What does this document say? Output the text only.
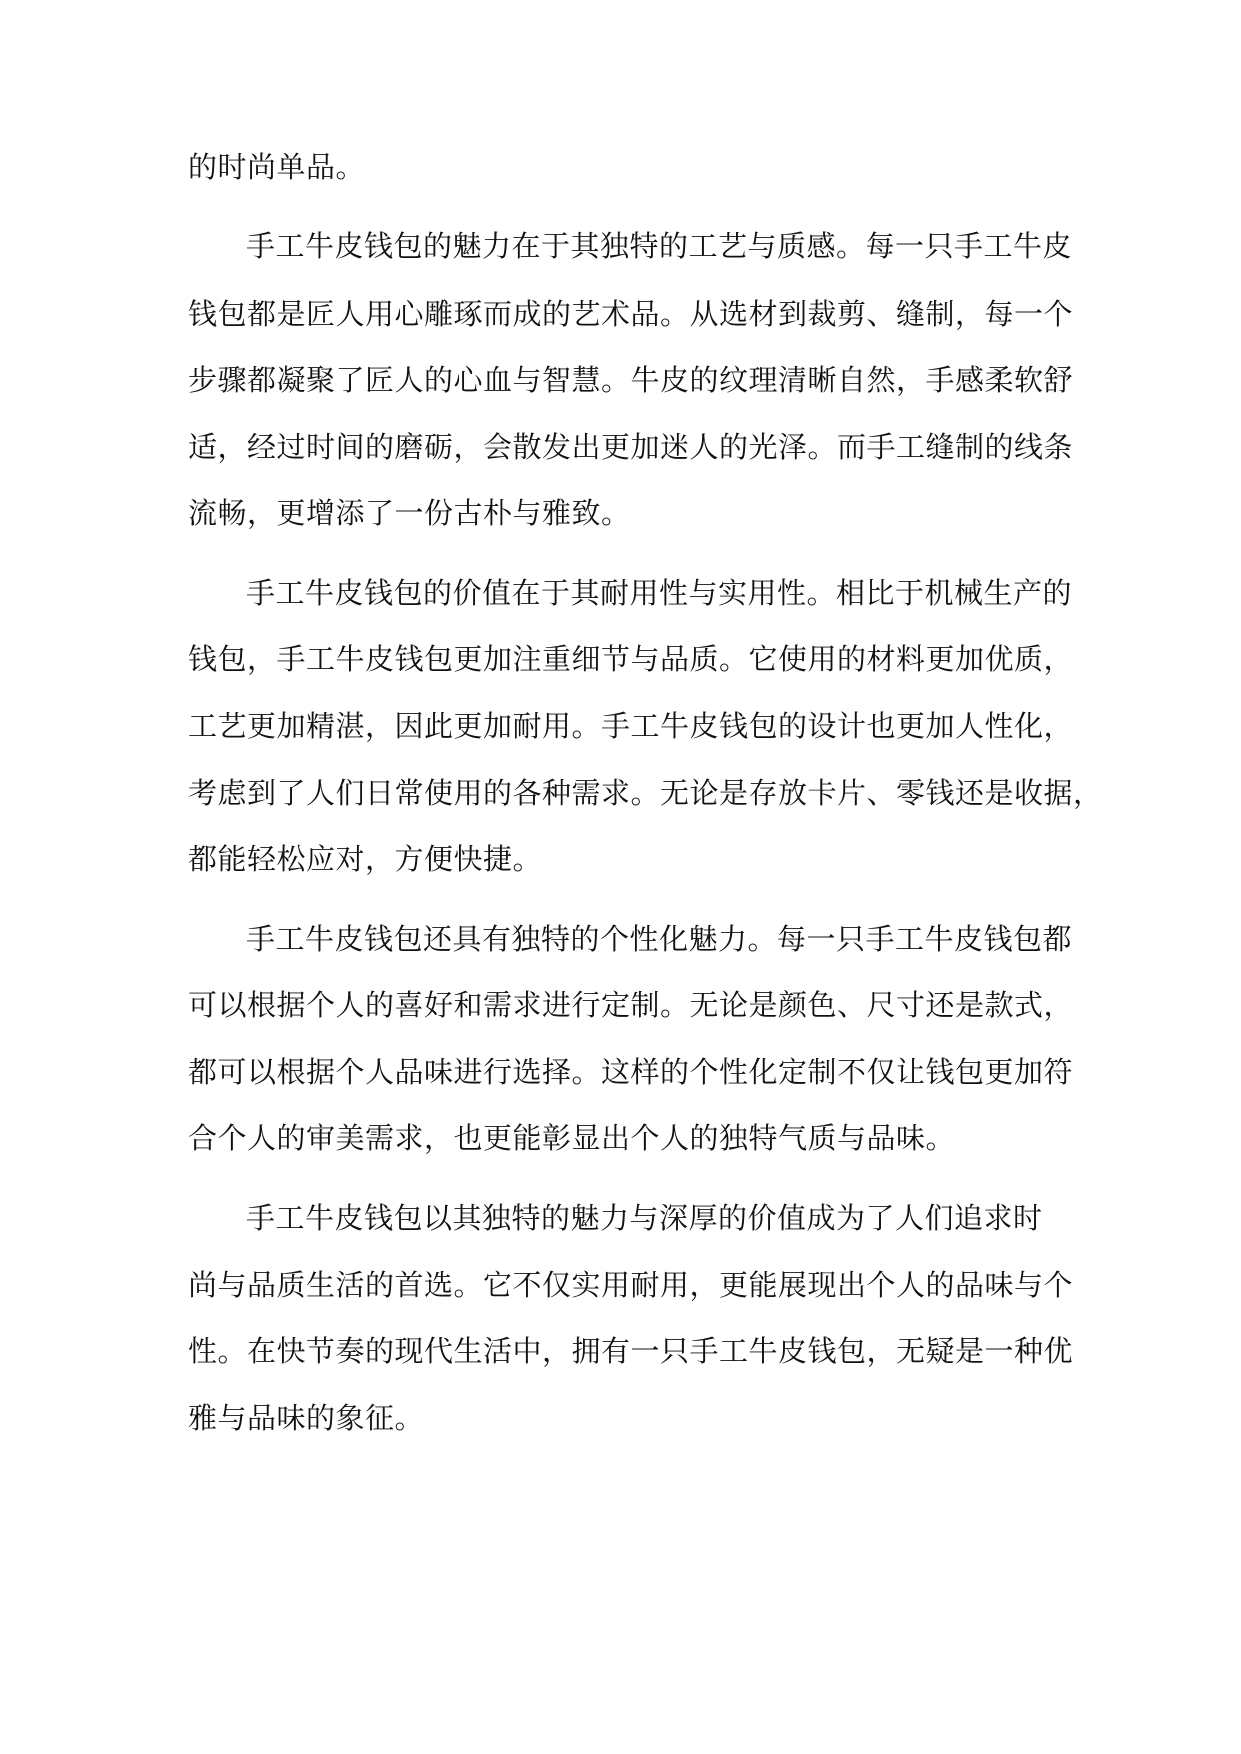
的时尚单品。
手工牛皮钱包的魅力在于其独特的工艺与质感。每一只手工牛皮
钱包都是匠人用心雕琢而成的艺术品。从选材到裁剪、缝制，每一个
步骤都凝聚了匠人的心血与智慧。牛皮的纹理清晰自然，手感柔软舒
适，经过时间的磨砺，会散发出更加迷人的光泽。而手工缝制的线条
流畅，更增添了一份古朴与雅致。
手工牛皮钱包的价值在于其耐用性与实用性。相比于机械生产的
钱包，手工牛皮钱包更加注重细节与品质。它使用的材料更加优质，
工艺更加精湛，因此更加耐用。手工牛皮钱包的设计也更加人性化，
考虑到了人们日常使用的各种需求。无论是存放卡片、零钱还是收据，
都能轻松应对，方便快捷。
手工牛皮钱包还具有独特的个性化魅力。每一只手工牛皮钱包都
可以根据个人的喜好和需求进行定制。无论是颜色、尺寸还是款式，
都可以根据个人品味进行选择。这样的个性化定制不仅让钱包更加符
合个人的审美需求，也更能彰显出个人的独特气质与品味。
手工牛皮钱包以其独特的魅力与深厚的价值成为了人们追求时
尚与品质生活的首选。它不仅实用耐用，更能展现出个人的品味与个
性。在快节奏的现代生活中，拥有一只手工牛皮钱包，无疑是一种优
雅与品味的象征。
